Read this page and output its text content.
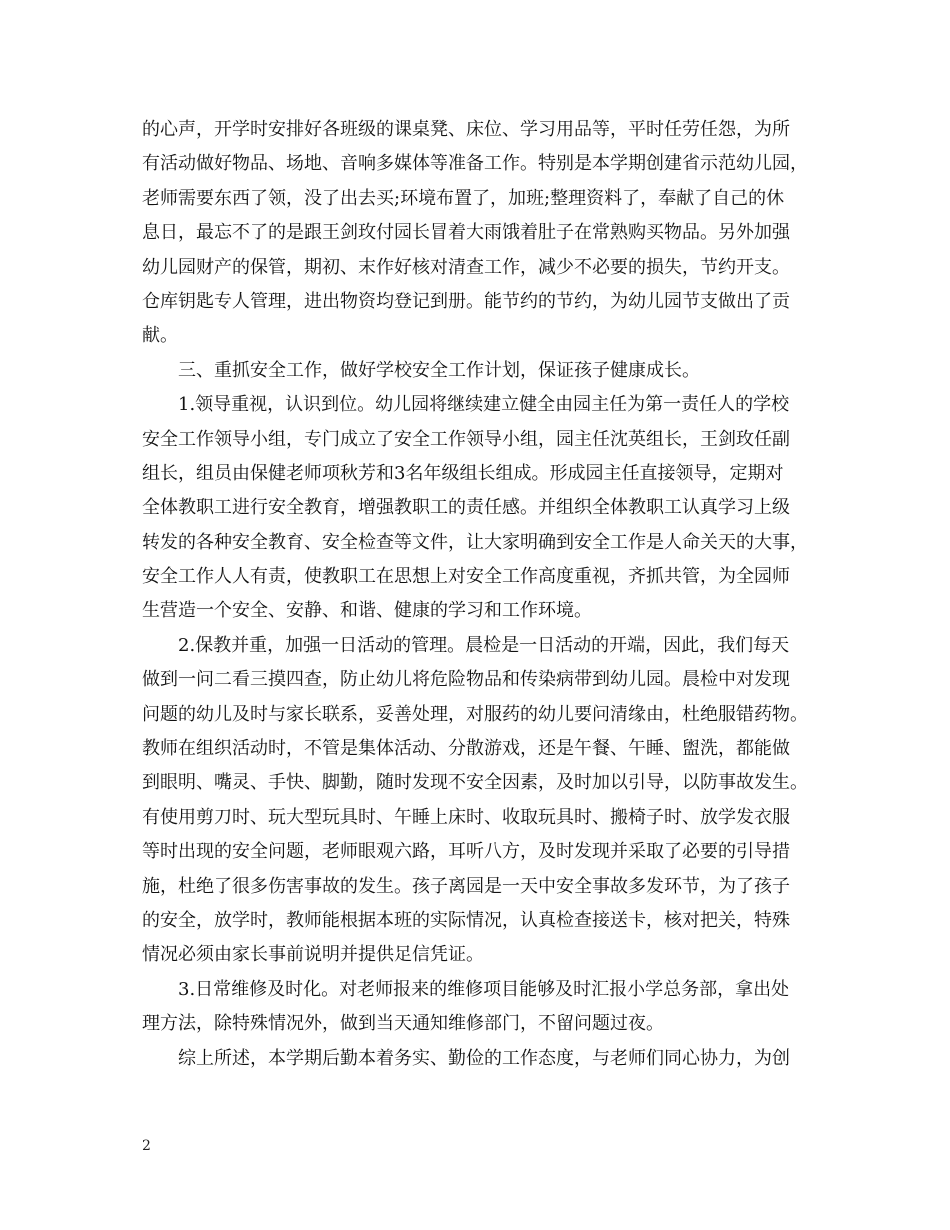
的心声，开学时安排好各班级的课桌凳、床位、学习用品等，平时任劳任怨，为所
有活动做好物品、场地、音响多媒体等准备工作。特别是本学期创建省示范幼儿园，
老师需要东西了领，没了出去买;环境布置了，加班;整理资料了，奉献了自己的休
息日，最忘不了的是跟王剑玫付园长冒着大雨饿着肚子在常熟购买物品。另外加强
幼儿园财产的保管，期初、末作好核对清查工作，减少不必要的损失，节约开支。
仓库钥匙专人管理，进出物资均登记到册。能节约的节约，为幼儿园节支做出了贡
献。
三、重抓安全工作，做好学校安全工作计划，保证孩子健康成长。
1.领导重视，认识到位。幼儿园将继续建立健全由园主任为第一责任人的学校
安全工作领导小组，专门成立了安全工作领导小组，园主任沈英组长，王剑玫任副
组长，组员由保健老师项秋芳和3名年级组长组成。形成园主任直接领导，定期对
全体教职工进行安全教育，增强教职工的责任感。并组织全体教职工认真学习上级
转发的各种安全教育、安全检查等文件，让大家明确到安全工作是人命关天的大事，
安全工作人人有责，使教职工在思想上对安全工作高度重视，齐抓共管，为全园师
生营造一个安全、安静、和谐、健康的学习和工作环境。
2.保教并重，加强一日活动的管理。晨检是一日活动的开端，因此，我们每天
做到一问二看三摸四查，防止幼儿将危险物品和传染病带到幼儿园。晨检中对发现
问题的幼儿及时与家长联系，妥善处理，对服药的幼儿要问清缘由，杜绝服错药物。
教师在组织活动时，不管是集体活动、分散游戏，还是午餐、午睡、盥洗，都能做
到眼明、嘴灵、手快、脚勤，随时发现不安全因素，及时加以引导，以防事故发生。
有使用剪刀时、玩大型玩具时、午睡上床时、收取玩具时、搬椅子时、放学发衣服
等时出现的安全问题，老师眼观六路，耳听八方，及时发现并采取了必要的引导措
施，杜绝了很多伤害事故的发生。孩子离园是一天中安全事故多发环节，为了孩子
的安全，放学时，教师能根据本班的实际情况，认真检查接送卡，核对把关，特殊
情况必须由家长事前说明并提供足信凭证。
3.日常维修及时化。对老师报来的维修项目能够及时汇报小学总务部，拿出处
理方法，除特殊情况外，做到当天通知维修部门，不留问题过夜。
综上所述，本学期后勤本着务实、勤俭的工作态度，与老师们同心协力，为创
2
